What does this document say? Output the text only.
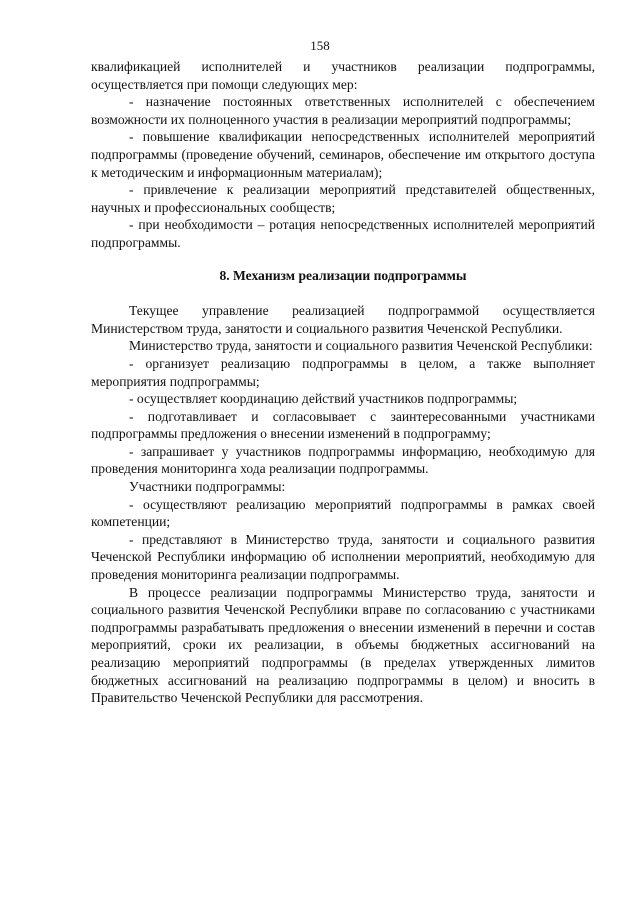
158

квалификацией исполнителей и участников реализации подпрограммы, осуществляется при помощи следующих мер:

- назначение постоянных ответственных исполнителей с обеспечением возможности их полноценного участия в реализации мероприятий подпрограммы;

- повышение квалификации непосредственных исполнителей мероприятий подпрограммы (проведение обучений, семинаров, обеспечение им открытого доступа к методическим и информационным материалам);

- привлечение к реализации мероприятий представителей общественных, научных и профессиональных сообществ;

- при необходимости – ротация непосредственных исполнителей мероприятий подпрограммы.

8. Механизм реализации подпрограммы

Текущее управление реализацией подпрограммой осуществляется Министерством труда, занятости и социального развития Чеченской Республики.

Министерство труда, занятости и социального развития Чеченской Республики:

- организует реализацию подпрограммы в целом, а также выполняет мероприятия подпрограммы;

- осуществляет координацию действий участников подпрограммы;

- подготавливает и согласовывает с заинтересованными участниками подпрограммы предложения о внесении изменений в подпрограмму;

- запрашивает у участников подпрограммы информацию, необходимую для проведения мониторинга хода реализации подпрограммы.

Участники подпрограммы:

- осуществляют реализацию мероприятий подпрограммы в рамках своей компетенции;

- представляют в Министерство труда, занятости и социального развития Чеченской Республики информацию об исполнении мероприятий, необходимую для проведения мониторинга реализации подпрограммы.

В процессе реализации подпрограммы Министерство труда, занятости и социального развития Чеченской Республики вправе по согласованию с участниками подпрограммы разрабатывать предложения о внесении изменений в перечни и состав мероприятий, сроки их реализации, в объемы бюджетных ассигнований на реализацию мероприятий подпрограммы (в пределах утвержденных лимитов бюджетных ассигнований на реализацию подпрограммы в целом) и вносить в Правительство Чеченской Республики для рассмотрения.
